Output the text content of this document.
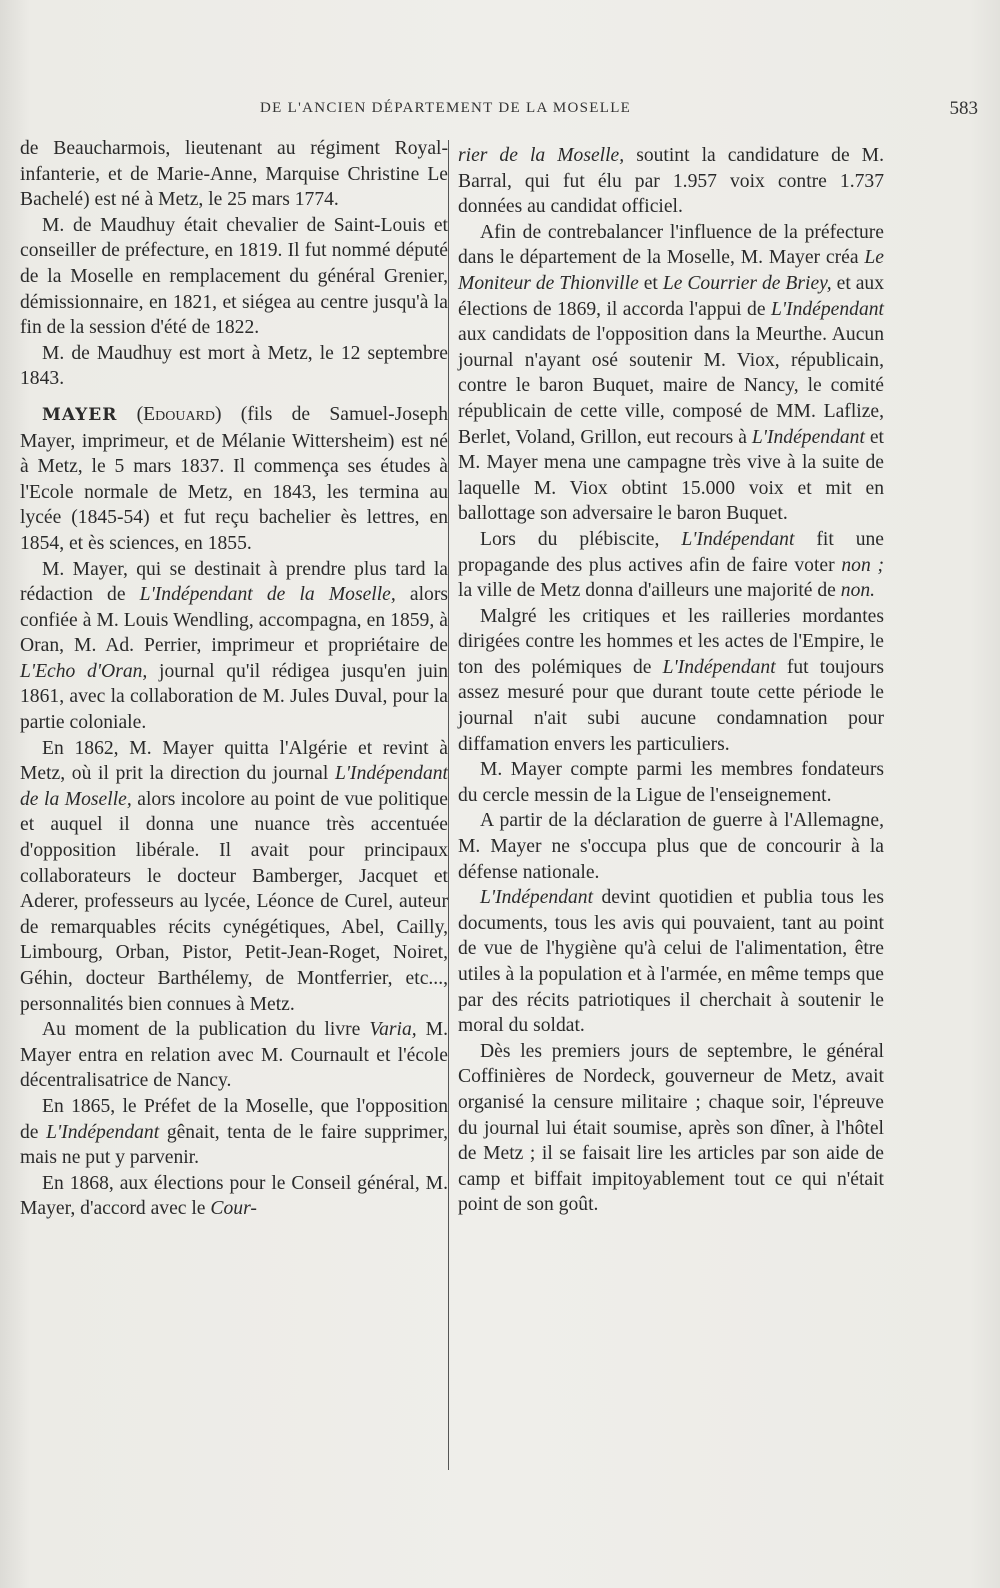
DE L'ANCIEN DÉPARTEMENT DE LA MOSELLE	583

de Beaucharmois, lieutenant au régiment Royal-infanterie, et de Marie-Anne, Marquise Christine Le Bachelé) est né à Metz, le 25 mars 1774.

M. de Maudhuy était chevalier de Saint-Louis et conseiller de préfecture, en 1819. Il fut nommé député de la Moselle en remplacement du général Grenier, démissionnaire, en 1821, et siégea au centre jusqu'à la fin de la session d'été de 1822.

M. de Maudhuy est mort à Metz, le 12 septembre 1843.

MAYER (Edouard) (fils de Samuel-Joseph Mayer, imprimeur, et de Mélanie Wittersheim) est né à Metz, le 5 mars 1837. Il commença ses études à l'Ecole normale de Metz, en 1843, les termina au lycée (1845-54) et fut reçu bachelier ès lettres, en 1854, et ès sciences, en 1855.

M. Mayer, qui se destinait à prendre plus tard la rédaction de L'Indépendant de la Moselle, alors confiée à M. Louis Wendling, accompagna, en 1859, à Oran, M. Ad. Perrier, imprimeur et propriétaire de L'Echo d'Oran, journal qu'il rédigea jusqu'en juin 1861, avec la collaboration de M. Jules Duval, pour la partie coloniale.

En 1862, M. Mayer quitta l'Algérie et revint à Metz, où il prit la direction du journal L'Indépendant de la Moselle, alors incolore au point de vue politique et auquel il donna une nuance très accentuée d'opposition libérale. Il avait pour principaux collaborateurs le docteur Bamberger, Jacquet et Aderer, professeurs au lycée, Léonce de Curel, auteur de remarquables récits cynégétiques, Abel, Cailly, Limbourg, Orban, Pistor, Petit-Jean-Roget, Noiret, Géhin, docteur Barthélemy, de Montferrier, etc..., personnalités bien connues à Metz.

Au moment de la publication du livre Varia, M. Mayer entra en relation avec M. Cournault et l'école décentralisatrice de Nancy.

En 1865, le Préfet de la Moselle, que l'opposition de L'Indépendant gênait, tenta de le faire supprimer, mais ne put y parvenir.

En 1868, aux élections pour le Conseil général, M. Mayer, d'accord avec le Cour-

rier de la Moselle, soutint la candidature de M. Barral, qui fut élu par 1.957 voix contre 1.737 données au candidat officiel.

Afin de contrebalancer l'influence de la préfecture dans le département de la Moselle, M. Mayer créa Le Moniteur de Thionville et Le Courrier de Briey, et aux élections de 1869, il accorda l'appui de L'Indépendant aux candidats de l'opposition dans la Meurthe. Aucun journal n'ayant osé soutenir M. Viox, républicain, contre le baron Buquet, maire de Nancy, le comité républicain de cette ville, composé de MM. Laflize, Berlet, Voland, Grillon, eut recours à L'Indépendant et M. Mayer mena une campagne très vive à la suite de laquelle M. Viox obtint 15.000 voix et mit en ballottage son adversaire le baron Buquet.

Lors du plébiscite, L'Indépendant fit une propagande des plus actives afin de faire voter non ; la ville de Metz donna d'ailleurs une majorité de non.

Malgré les critiques et les railleries mordantes dirigées contre les hommes et les actes de l'Empire, le ton des polémiques de L'Indépendant fut toujours assez mesuré pour que durant toute cette période le journal n'ait subi aucune condamnation pour diffamation envers les particuliers.

M. Mayer compte parmi les membres fondateurs du cercle messin de la Ligue de l'enseignement.

A partir de la déclaration de guerre à l'Allemagne, M. Mayer ne s'occupa plus que de concourir à la défense nationale.

L'Indépendant devint quotidien et publia tous les documents, tous les avis qui pouvaient, tant au point de vue de l'hygiène qu'à celui de l'alimentation, être utiles à la population et à l'armée, en même temps que par des récits patriotiques il cherchait à soutenir le moral du soldat.

Dès les premiers jours de septembre, le général Coffinières de Nordeck, gouverneur de Metz, avait organisé la censure militaire ; chaque soir, l'épreuve du journal lui était soumise, après son dîner, à l'hôtel de Metz ; il se faisait lire les articles par son aide de camp et biffait impitoyablement tout ce qui n'était point de son goût.
